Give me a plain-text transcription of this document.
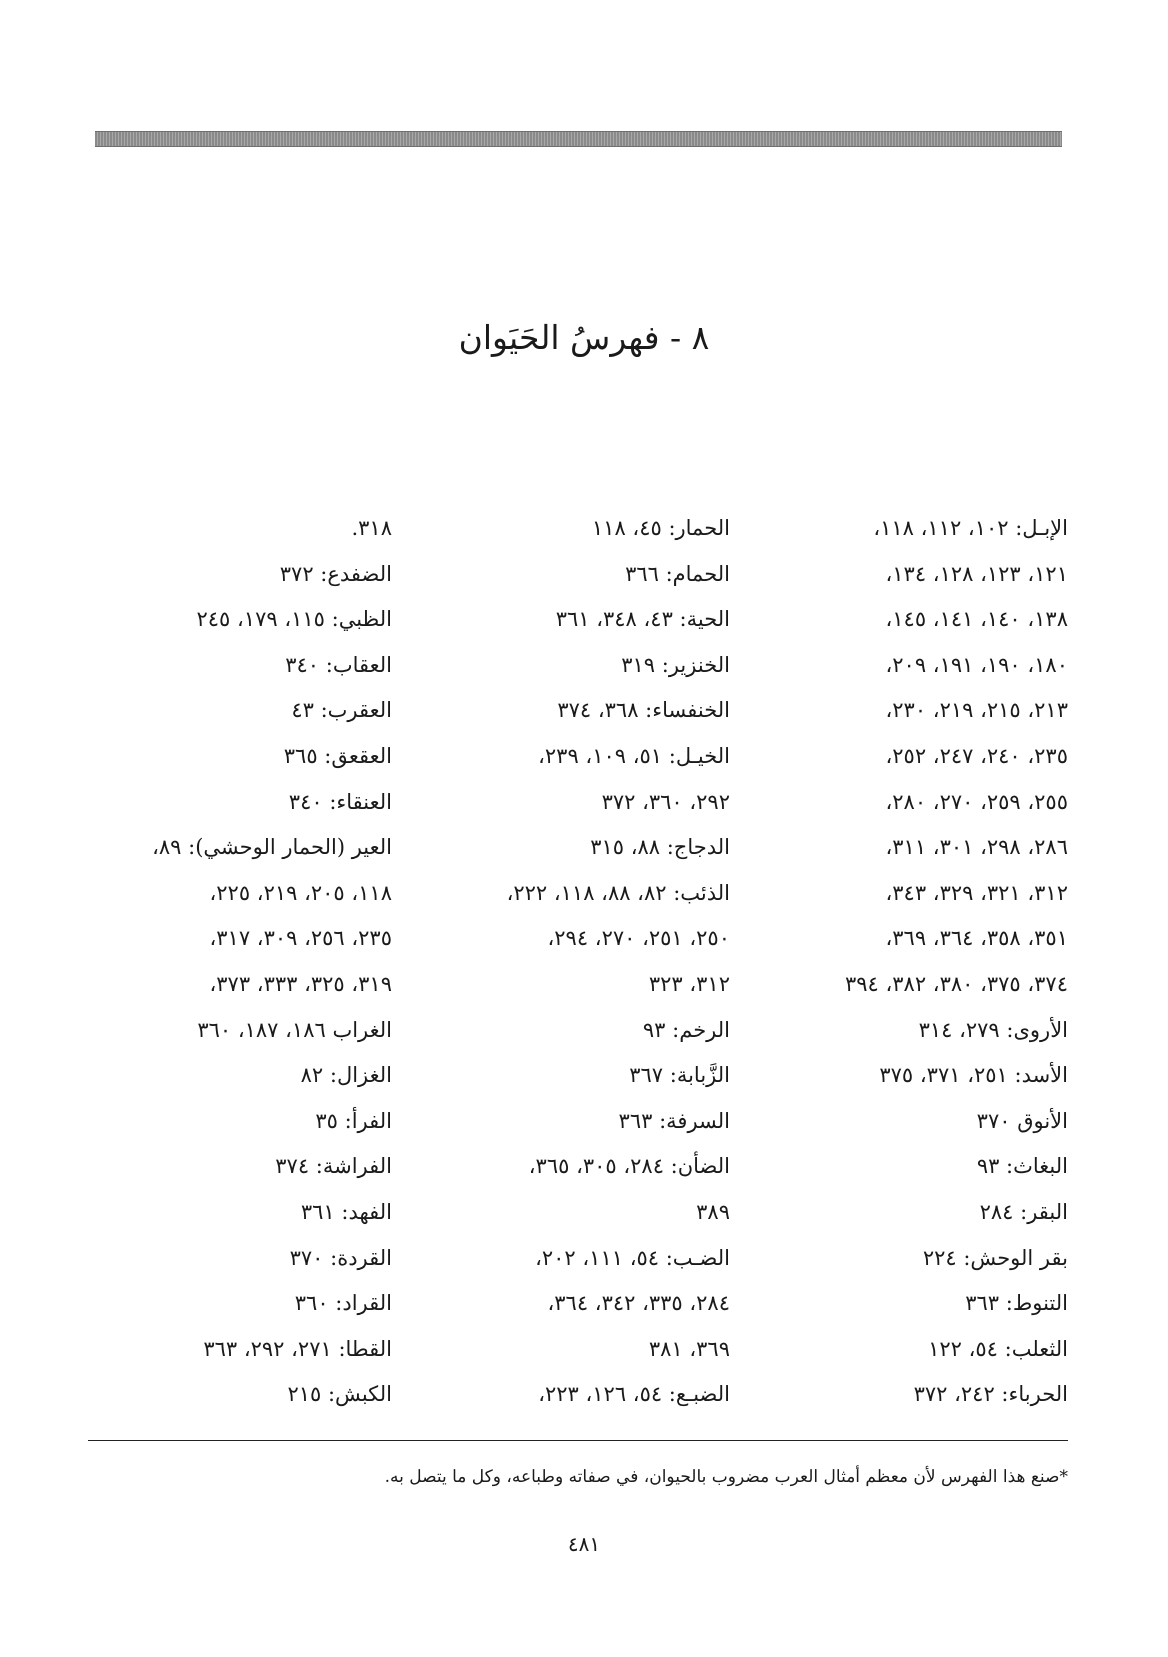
٨ - فهرسُ الحَيَوان
الإبـل: ١٠٢، ١١٢، ١١٨،
١٢١، ١٢٣، ١٢٨، ١٣٤،
١٣٨، ١٤٠، ١٤١، ١٤٥،
١٨٠، ١٩٠، ١٩١، ٢٠٩،
٢١٣، ٢١٥، ٢١٩، ٢٣٠،
٢٣٥، ٢٤٠، ٢٤٧، ٢٥٢،
٢٥٥، ٢٥٩، ٢٧٠، ٢٨٠،
٢٨٦، ٢٩٨، ٣٠١، ٣١١،
٣١٢، ٣٢١، ٣٢٩، ٣٤٣،
٣٥١، ٣٥٨، ٣٦٤، ٣٦٩،
٣٧٤، ٣٧٥، ٣٨٠، ٣٨٢، ٣٩٤
الأروى: ٢٧٩، ٣١٤
الأسد: ٢٥١، ٣٧١، ٣٧٥
الأنوق ٣٧٠
البغاث: ٩٣
البقر: ٢٨٤
بقر الوحش: ٢٢٤
التنوط: ٣٦٣
الثعلب: ٥٤، ١٢٢
الحرباء: ٢٤٢، ٣٧٢
الحمار: ٤٥، ١١٨
الحمام: ٣٦٦
الحية: ٤٣، ٣٤٨، ٣٦١
الخنزير: ٣١٩
الخنفساء: ٣٦٨، ٣٧٤
الخيـل: ٥١، ١٠٩، ٢٣٩،
٢٩٢، ٣٦٠، ٣٧٢
الدجاج: ٨٨، ٣١٥
الذئب: ٨٢، ٨٨، ١١٨، ٢٢٢،
٢٥٠، ٢٥١، ٢٧٠، ٢٩٤،
٣١٢، ٣٢٣
الرخم: ٩٣
الزَّبابة: ٣٦٧
السرفة: ٣٦٣
الضأن: ٢٨٤، ٣٠٥، ٣٦٥،
٣٨٩
الضـب: ٥٤، ١١١، ٢٠٢،
٢٨٤، ٣٣٥، ٣٤٢، ٣٦٤،
٣٦٩، ٣٨١
الضبـع: ٥٤، ١٢٦، ٢٢٣،
٣١٨.
الضفدع: ٣٧٢
الظبي: ١١٥، ١٧٩، ٢٤٥
العقاب: ٣٤٠
العقرب: ٤٣
العقعق: ٣٦٥
العنقاء: ٣٤٠
العير (الحمار الوحشي): ٨٩،
١١٨، ٢٠٥، ٢١٩، ٢٢٥،
٢٣٥، ٢٥٦، ٣٠٩، ٣١٧،
٣١٩، ٣٢٥، ٣٣٣، ٣٧٣،
الغراب ١٨٦، ١٨٧، ٣٦٠
الغزال: ٨٢
الفرأ: ٣٥
الفراشة: ٣٧٤
الفهد: ٣٦١
القردة: ٣٧٠
القراد: ٣٦٠
القطا: ٢٧١، ٢٩٢، ٣٦٣
الكبش: ٢١٥
*صنع هذا الفهرس لأن معظم أمثال العرب مضروب بالحيوان، في صفاته وطباعه، وكل ما يتصل به.
٤٨١
